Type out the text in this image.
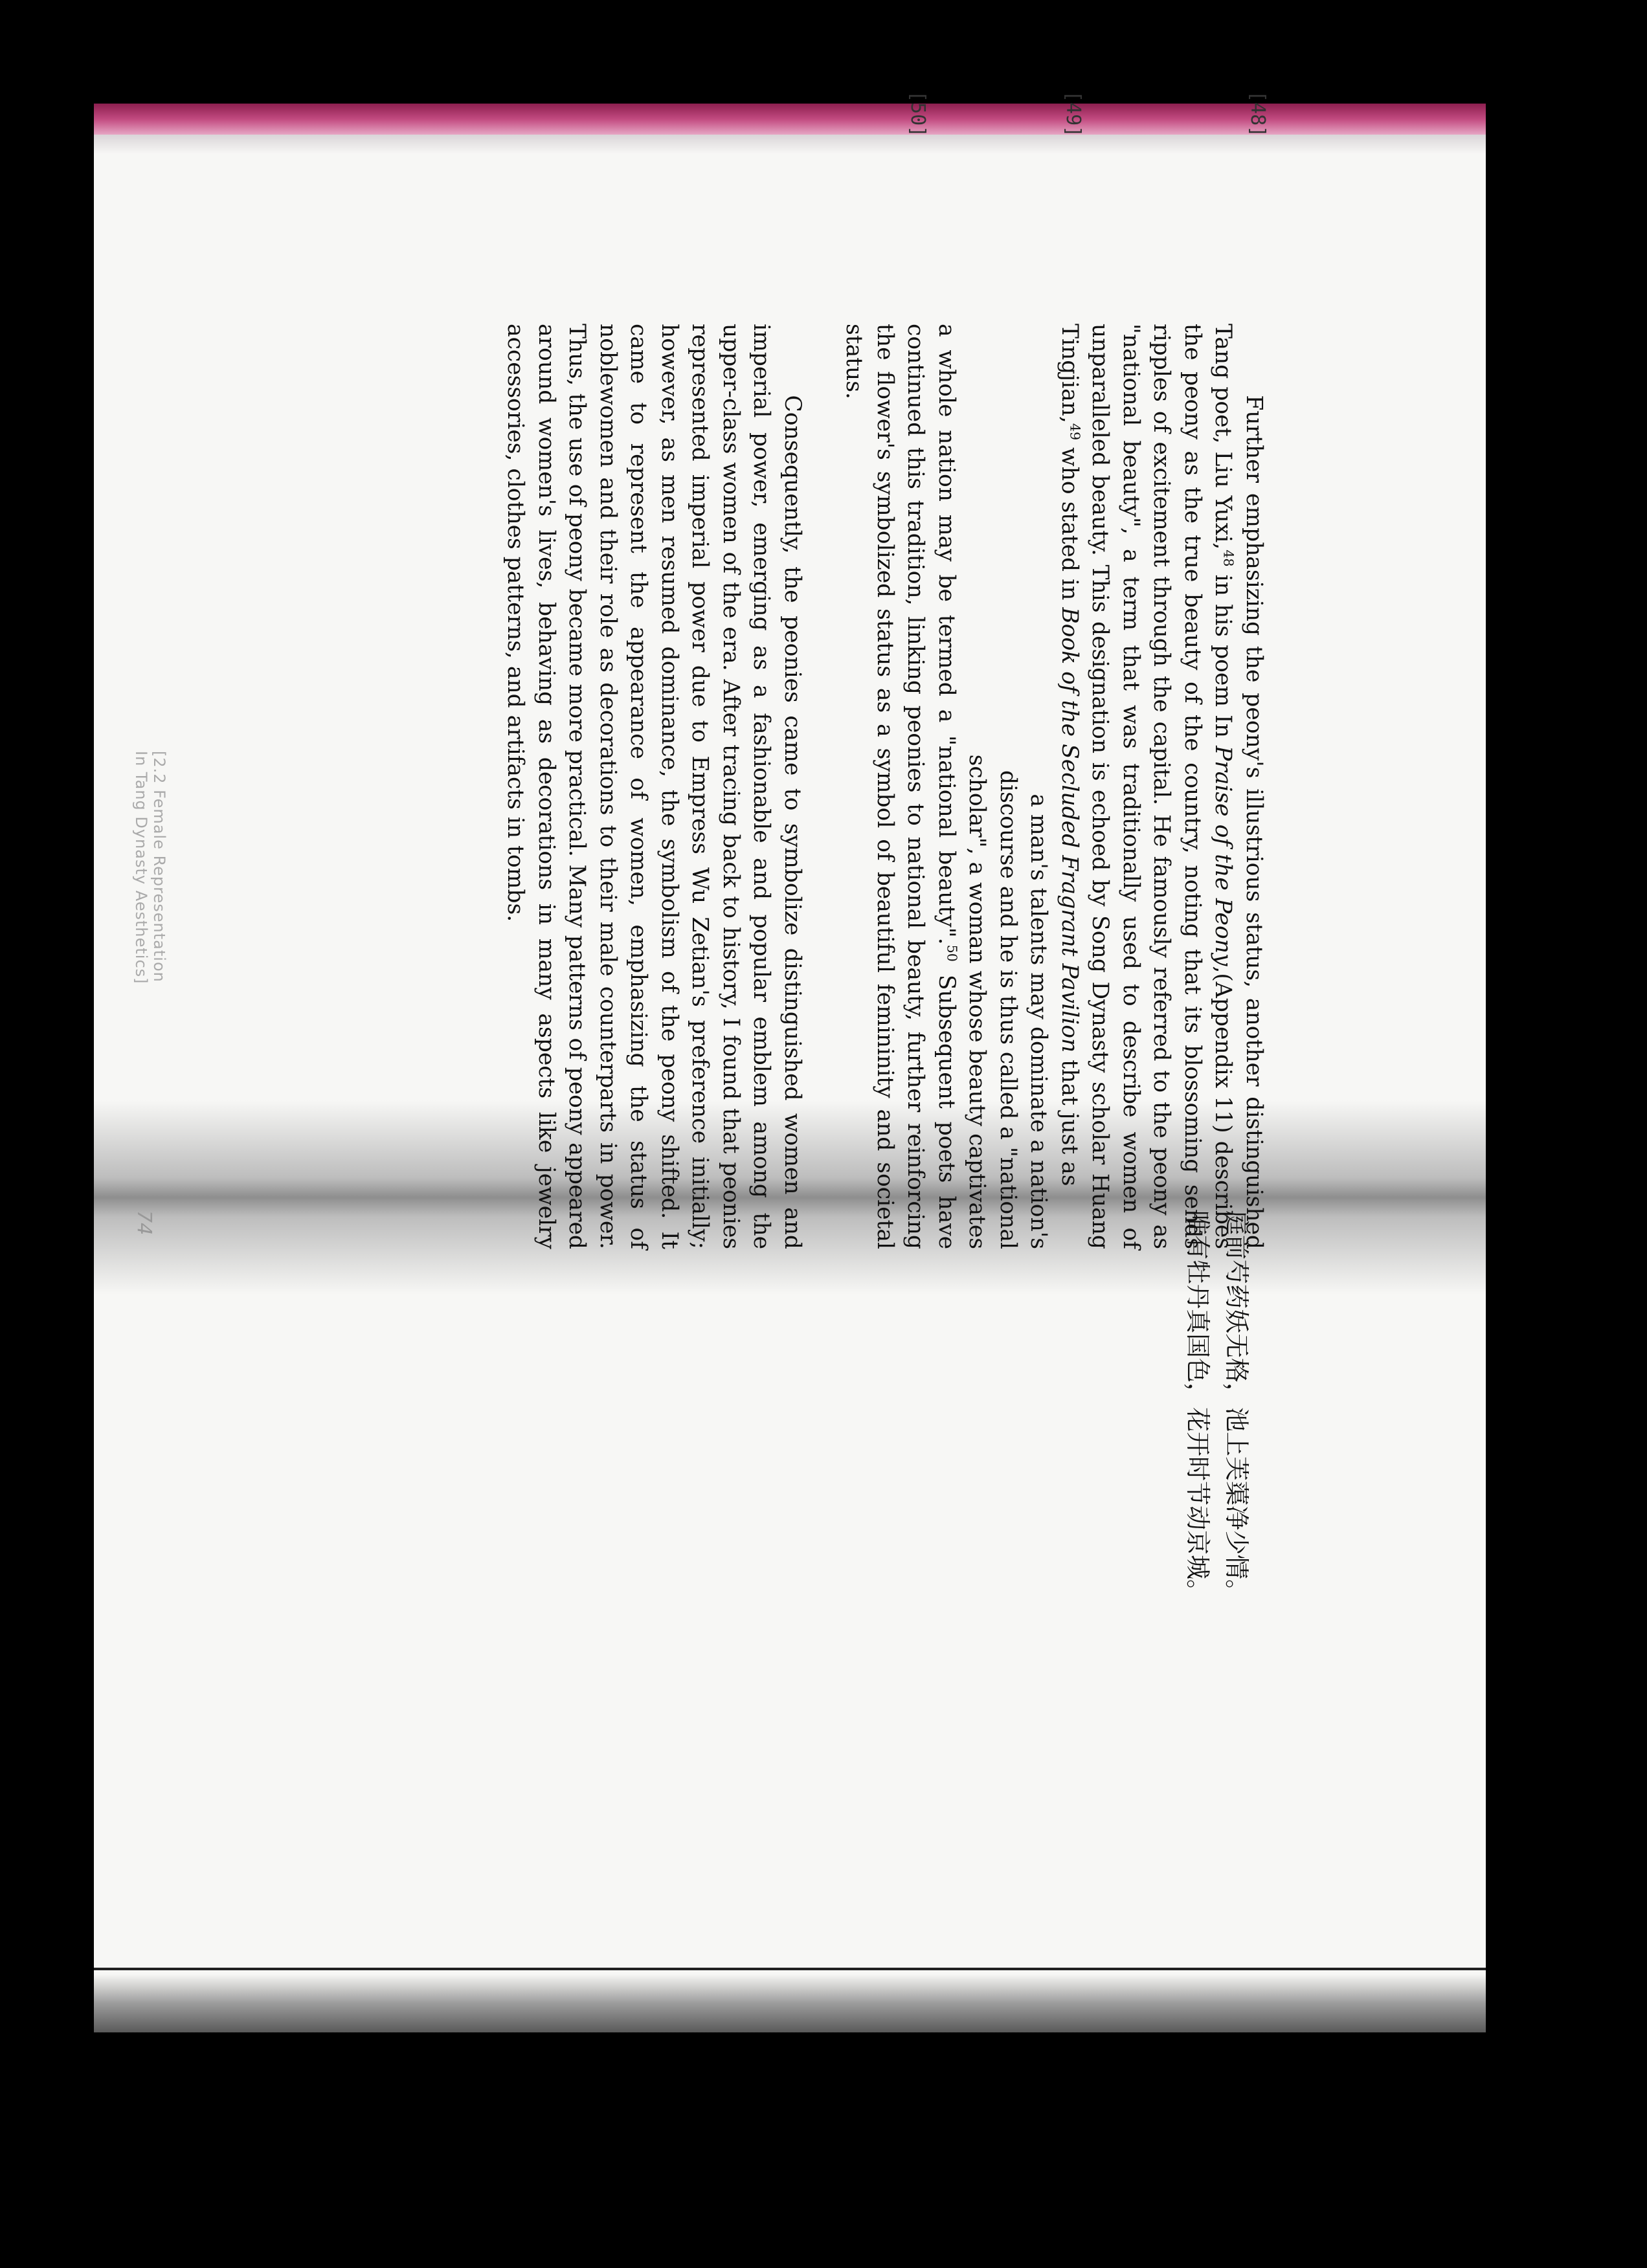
[48]
[49]
[50]

Further emphasizing the peony's illustrious status, another distinguished Tang poet, Liu Yuxi,$^{48}$ in his poem In Praise of the Peony,(Appendix 11) describes the peony as the true beauty of the country, noting that its blossoming sends ripples of excitement through the capital. He famously referred to the peony as "national beauty", a term that was traditionally used to describe women of unparalleled beauty. This designation is echoed by Song Dynasty scholar Huang Tingjian,$^{49}$ who stated in Book of the Secluded Fragrant Pavilion that just as

a man's talents may dominate a nation's
discourse and he is thus called a "national
scholar", a woman whose beauty captivates

a whole nation may be termed a "national beauty".$^{50}$ Subsequent poets have continued this tradition, linking peonies to national beauty, further reinforcing the flower's symbolized status as a symbol of beautiful femininity and societal status.

Consequently, the peonies came to symbolize distinguished women and imperial power, emerging as a fashionable and popular emblem among the upper-class women of the era. After tracing back to history, I found that peonies represented imperial power due to Empress Wu Zetian's preference initially; however, as men resumed dominance, the symbolism of the peony shifted. It came to represent the appearance of women, emphasizing the status of noblewomen and their role as decorations to their male counterparts in power. Thus, the use of peony became more practical. Many patterns of peony appeared around women's lives, behaving as decorations in many aspects like jewelry accessories, clothes patterns, and artifacts in tombs.

[2.2 Female Representation In Tang Dynasty Aesthetics]
庭前芍药妖无格，池上芙蕖净少情。
唯有牡丹真国色，花开时节动京城。
74
